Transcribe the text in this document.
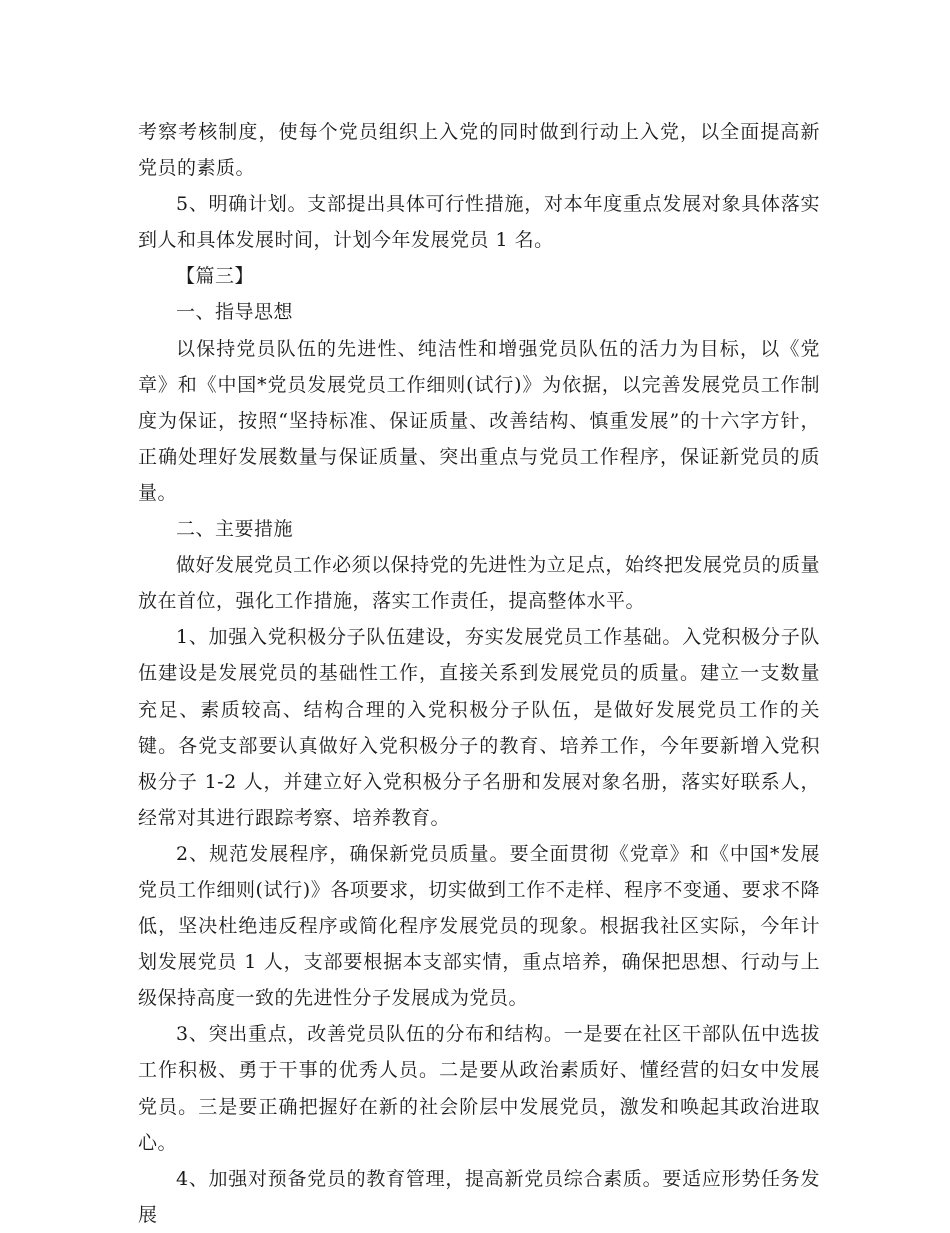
考察考核制度，使每个党员组织上入党的同时做到行动上入党，以全面提高新党员的素质。

5、明确计划。支部提出具体可行性措施，对本年度重点发展对象具体落实到人和具体发展时间，计划今年发展党员 1 名。

【篇三】

一、指导思想

以保持党员队伍的先进性、纯洁性和增强党员队伍的活力为目标，以《党章》和《中国*党员发展党员工作细则(试行)》为依据，以完善发展党员工作制度为保证，按照“坚持标准、保证质量、改善结构、慎重发展”的十六字方针，正确处理好发展数量与保证质量、突出重点与党员工作程序，保证新党员的质量。

二、主要措施

做好发展党员工作必须以保持党的先进性为立足点，始终把发展党员的质量放在首位，强化工作措施，落实工作责任，提高整体水平。

1、加强入党积极分子队伍建设，夯实发展党员工作基础。入党积极分子队伍建设是发展党员的基础性工作，直接关系到发展党员的质量。建立一支数量充足、素质较高、结构合理的入党积极分子队伍，是做好发展党员工作的关键。各党支部要认真做好入党积极分子的教育、培养工作，今年要新增入党积极分子 1-2 人，并建立好入党积极分子名册和发展对象名册，落实好联系人，经常对其进行跟踪考察、培养教育。

2、规范发展程序，确保新党员质量。要全面贯彻《党章》和《中国*发展党员工作细则(试行)》各项要求，切实做到工作不走样、程序不变通、要求不降低，坚决杜绝违反程序或简化程序发展党员的现象。根据我社区实际，今年计划发展党员 1 人，支部要根据本支部实情，重点培养，确保把思想、行动与上级保持高度一致的先进性分子发展成为党员。

3、突出重点，改善党员队伍的分布和结构。一是要在社区干部队伍中选拔工作积极、勇于干事的优秀人员。二是要从政治素质好、懂经营的妇女中发展党员。三是要正确把握好在新的社会阶层中发展党员，激发和唤起其政治进取心。

4、加强对预备党员的教育管理，提高新党员综合素质。要适应形势任务发展
